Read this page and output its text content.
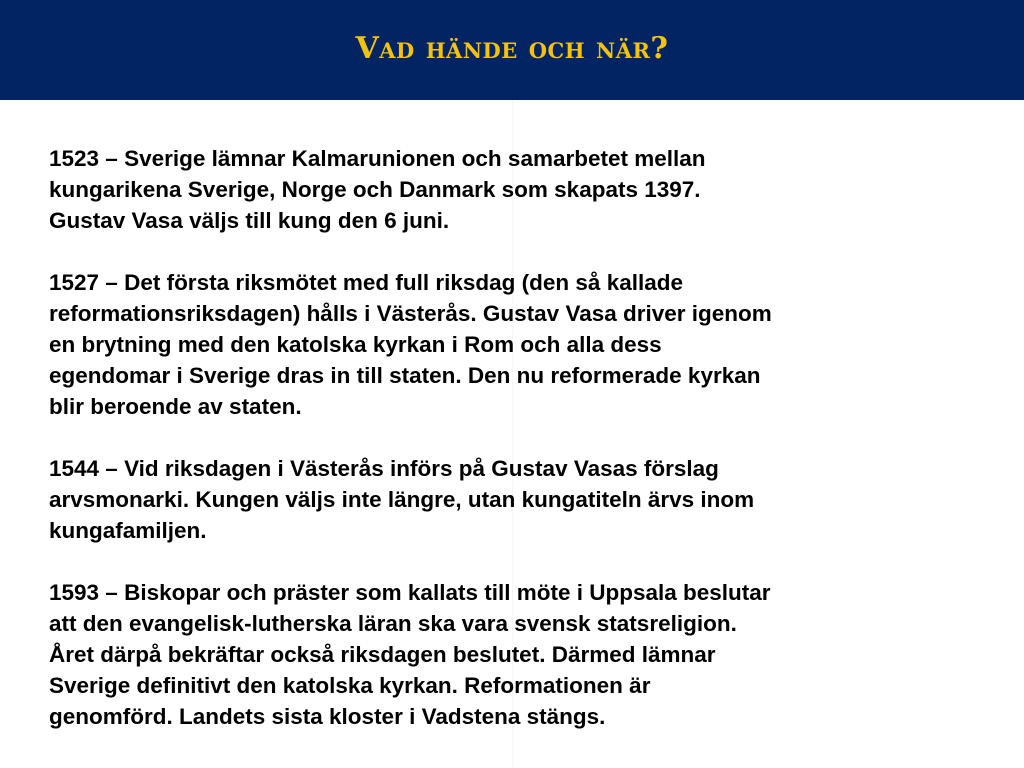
Vad hände och när?
1523 – Sverige lämnar Kalmarunionen och samarbetet mellan
kungarikena Sverige, Norge och Danmark som skapats 1397.
Gustav Vasa väljs till kung den 6 juni.
1527 – Det första riksmötet med full riksdag (den så kallade
reformationsriksdagen) hålls i Västerås. Gustav Vasa driver igenom
en brytning med den katolska kyrkan i Rom och alla dess
egendomar i Sverige dras in till staten. Den nu reformerade kyrkan
blir beroende av staten.
1544 – Vid riksdagen i Västerås införs på Gustav Vasas förslag
arvsmonarki. Kungen väljs inte längre, utan kungatiteln ärvs inom
kungafamiljen.
1593 – Biskopar och präster som kallats till möte i Uppsala beslutar
att den evangelisk-lutherska läran ska vara svensk statsreligion.
Året därpå bekräftar också riksdagen beslutet. Därmed lämnar
Sverige definitivt den katolska kyrkan. Reformationen är
genomförd. Landets sista kloster i Vadstena stängs.
